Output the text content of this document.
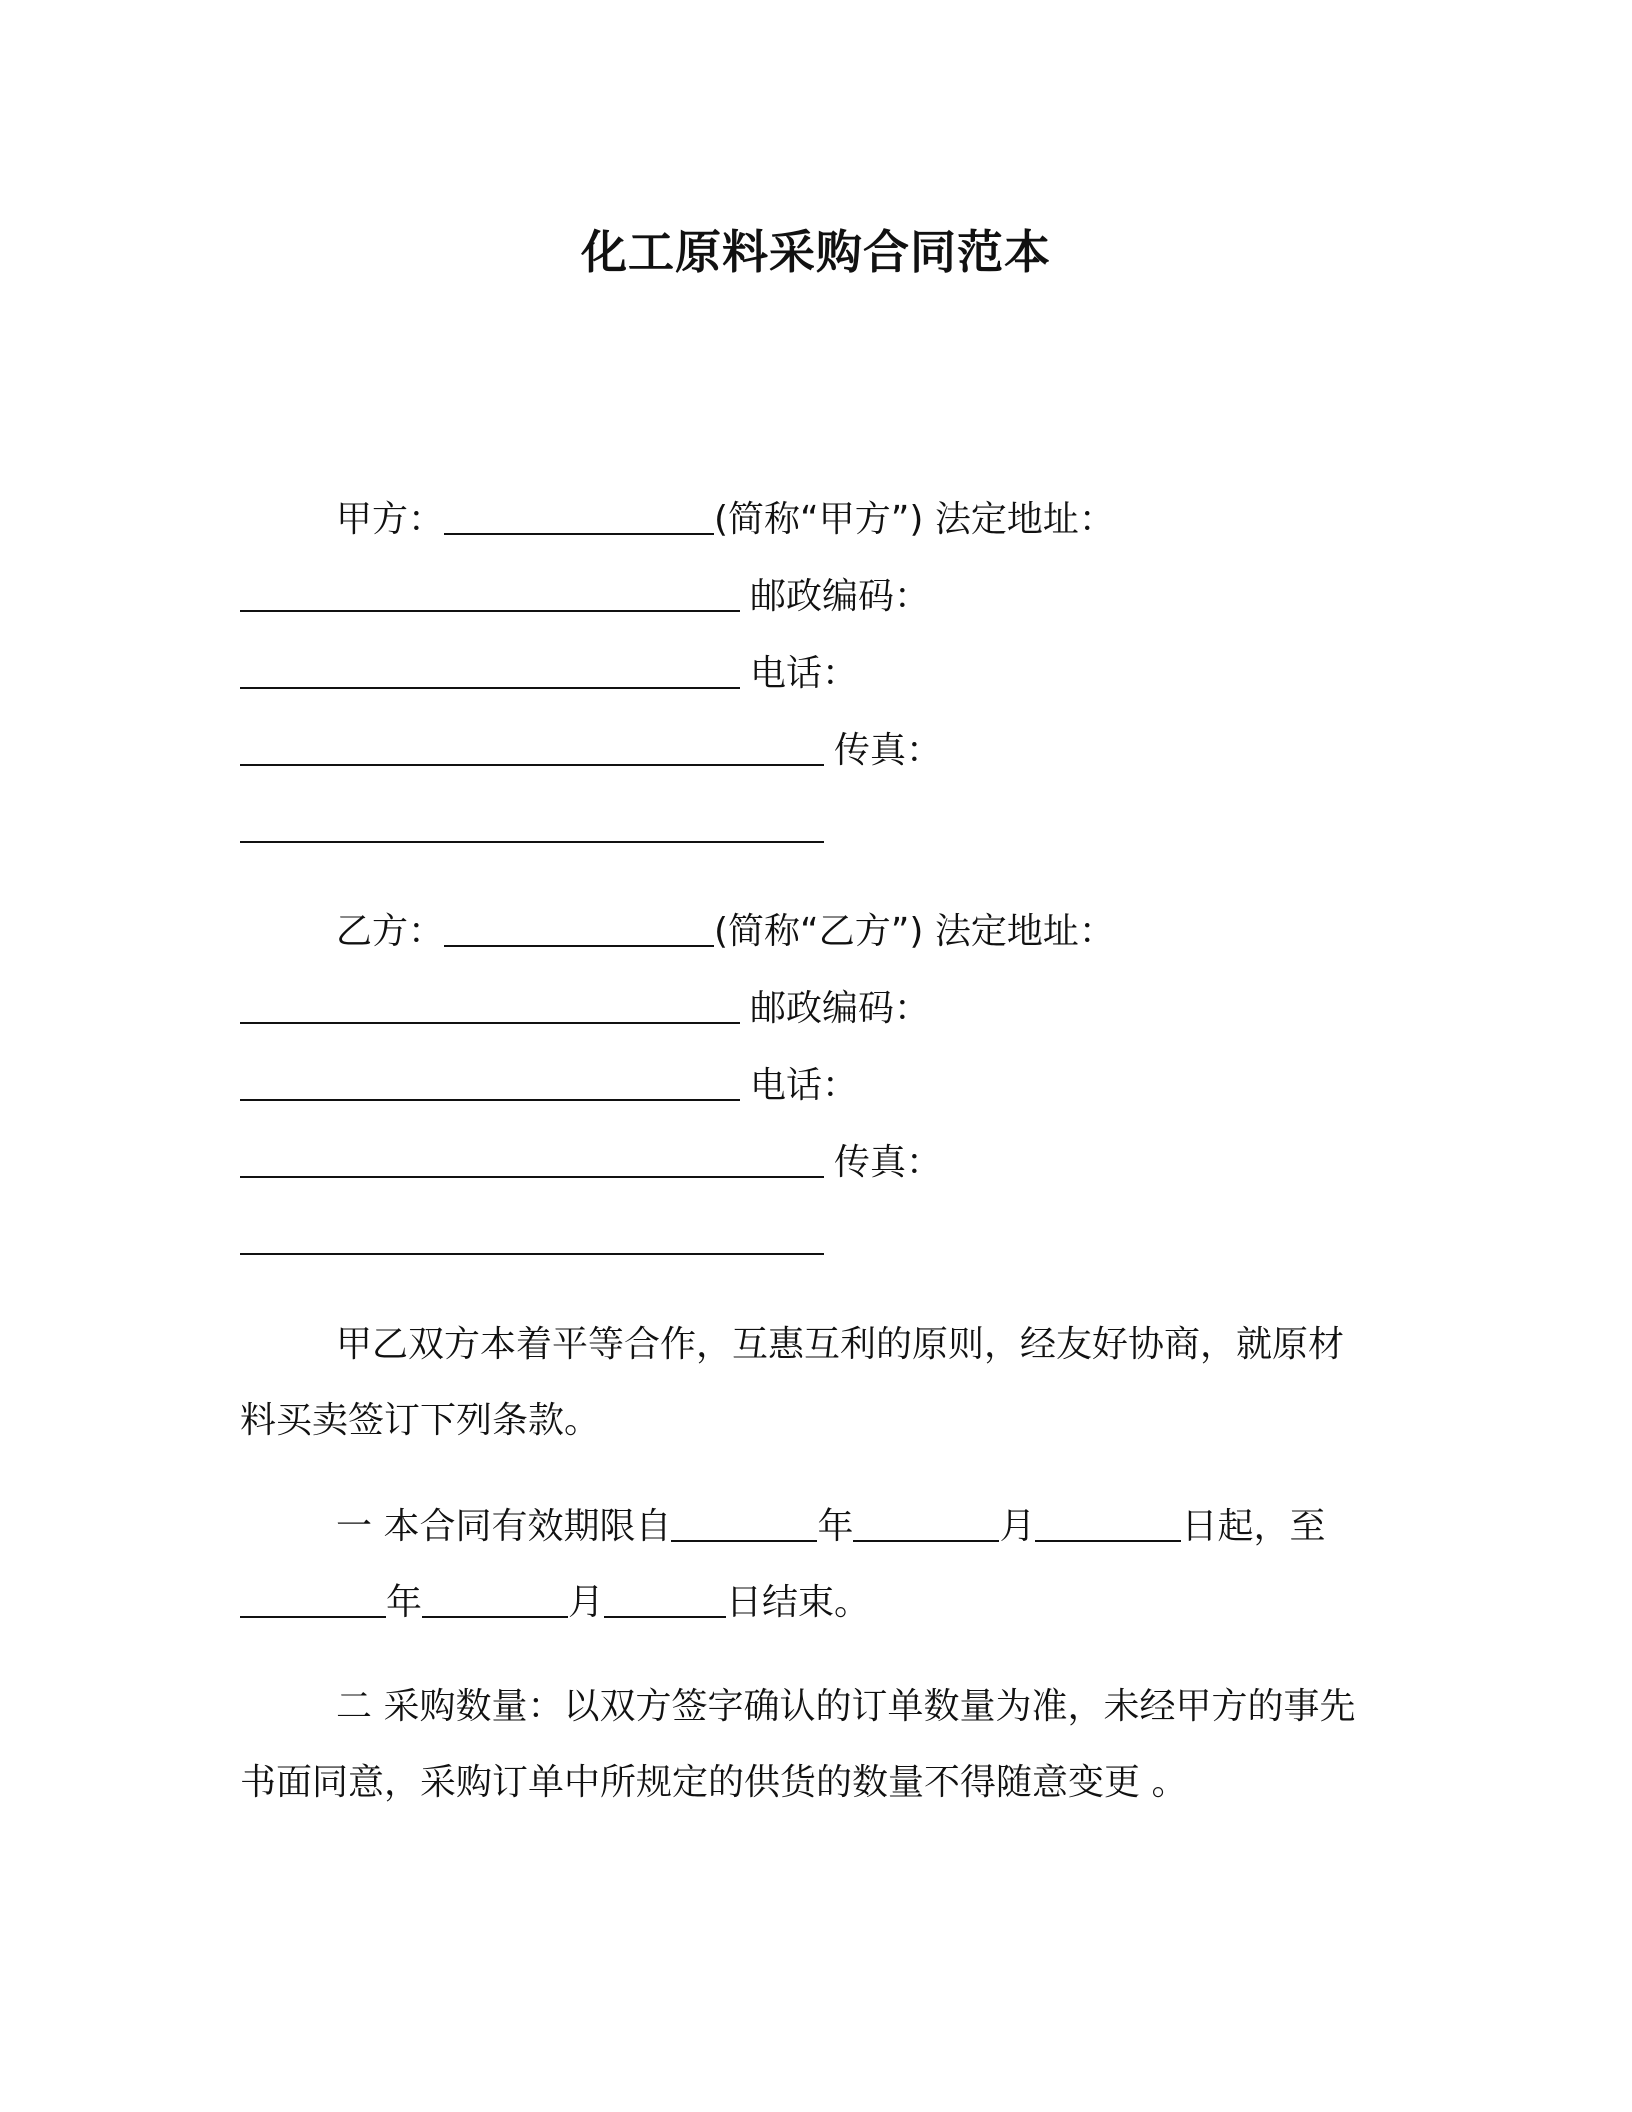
化工原料采购合同范本
甲方：	(简称“甲方”) 法定地址：
邮政编码：
电话：
传真：
乙方：	(简称“乙方”) 法定地址：
邮政编码：
电话：
传真：
甲乙双方本着平等合作，互惠互利的原则，经友好协商，就原材
料买卖签订下列条款。
一 本合同有效期限自	年	月	日起，至
年	月	日结束。
二 采购数量：以双方签字确认的订单数量为准，未经甲方的事先
书面同意，采购订单中所规定的供货的数量不得随意变更 。
